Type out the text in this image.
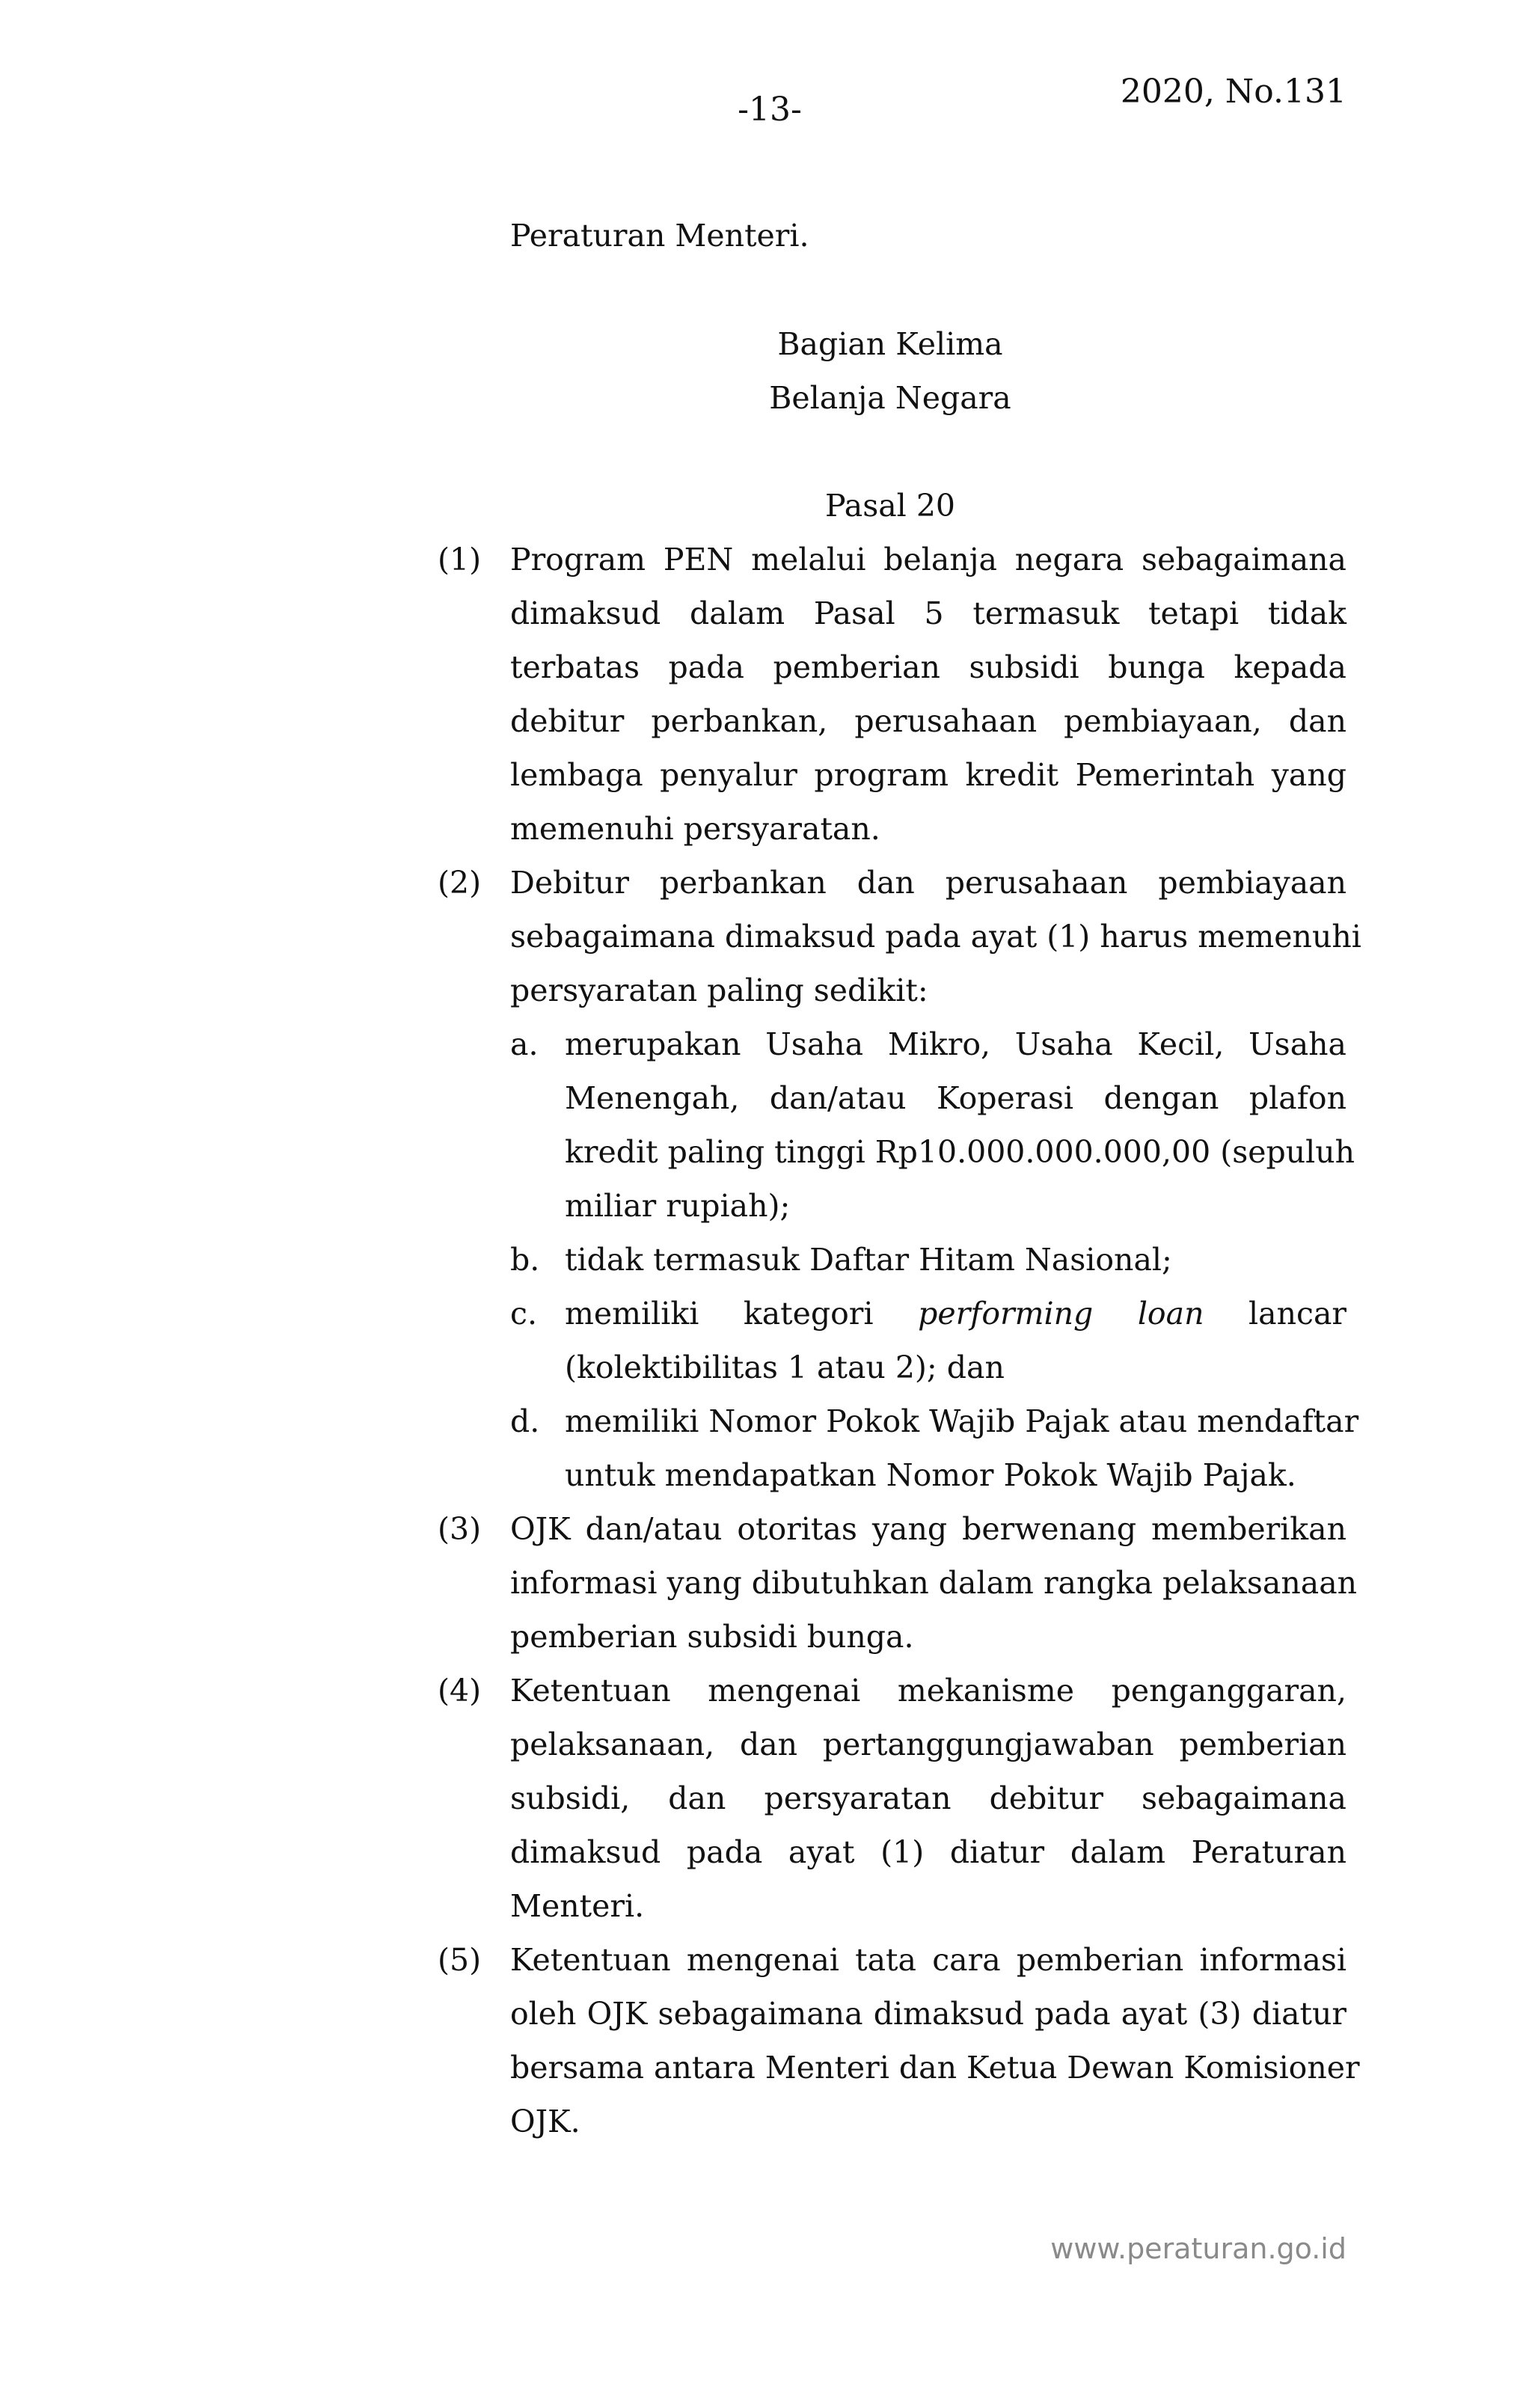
-13-	2020, No.131
Peraturan Menteri.
Bagian Kelima
Belanja Negara
Pasal 20
(1) Program PEN melalui belanja negara sebagaimana
dimaksud dalam Pasal 5 termasuk tetapi tidak
terbatas pada pemberian subsidi bunga kepada
debitur perbankan, perusahaan pembiayaan, dan
lembaga penyalur program kredit Pemerintah yang
memenuhi persyaratan.
(2) Debitur perbankan dan perusahaan pembiayaan
sebagaimana dimaksud pada ayat (1) harus memenuhi
persyaratan paling sedikit:
a. merupakan Usaha Mikro, Usaha Kecil, Usaha
Menengah, dan/atau Koperasi dengan plafon
kredit paling tinggi Rp10.000.000.000,00 (sepuluh
miliar rupiah);
b. tidak termasuk Daftar Hitam Nasional;
c. memiliki kategori performing loan lancar
(kolektibilitas 1 atau 2); dan
d. memiliki Nomor Pokok Wajib Pajak atau mendaftar
untuk mendapatkan Nomor Pokok Wajib Pajak.
(3) OJK dan/atau otoritas yang berwenang memberikan
informasi yang dibutuhkan dalam rangka pelaksanaan
pemberian subsidi bunga.
(4) Ketentuan mengenai mekanisme penganggaran,
pelaksanaan, dan pertanggungjawaban pemberian
subsidi, dan persyaratan debitur sebagaimana
dimaksud pada ayat (1) diatur dalam Peraturan
Menteri.
(5) Ketentuan mengenai tata cara pemberian informasi
oleh OJK sebagaimana dimaksud pada ayat (3) diatur
bersama antara Menteri dan Ketua Dewan Komisioner
OJK.
www.peraturan.go.id
